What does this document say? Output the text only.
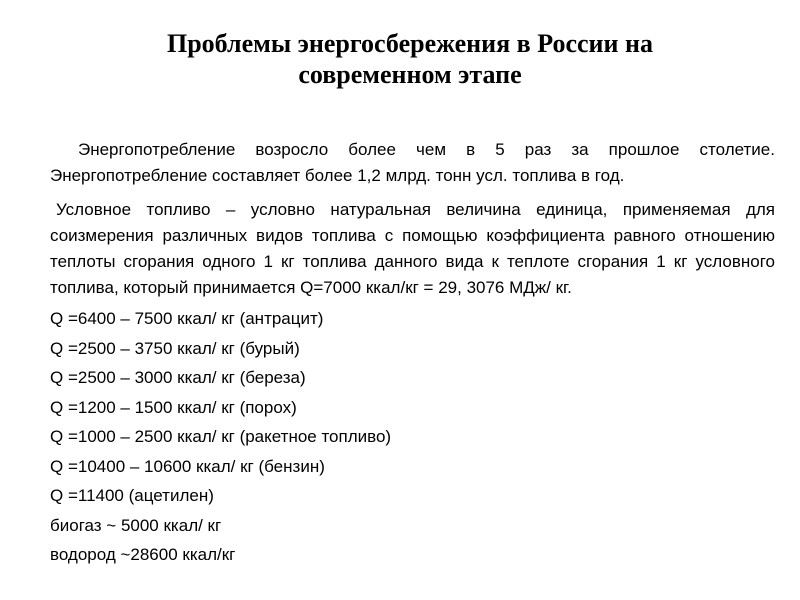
Проблемы энергосбережения в России на
современном этапе

Энергопотребление возросло более чем в 5 раз за прошлое столетие. Энергопотребление составляет более 1,2 млрд. тонн усл. топлива в год.

Условное топливо – условно натуральная величина единица, применяемая для соизмерения различных видов топлива с помощью коэффициента равного отношению теплоты сгорания одного 1 кг топлива данного вида к теплоте сгорания 1 кг условного топлива, который принимается Q=7000 ккал/кг = 29, 3076 МДж/ кг.

Q =6400 – 7500 ккал/ кг (антрацит)
Q =2500 – 3750 ккал/ кг (бурый)
Q =2500 – 3000 ккал/ кг (береза)
Q =1200 – 1500 ккал/ кг (порох)
Q =1000 – 2500 ккал/ кг (ракетное топливо)
Q =10400 – 10600 ккал/ кг (бензин)
Q =11400 (ацетилен)
биогаз ~ 5000 ккал/ кг
водород ~28600 ккал/кг
